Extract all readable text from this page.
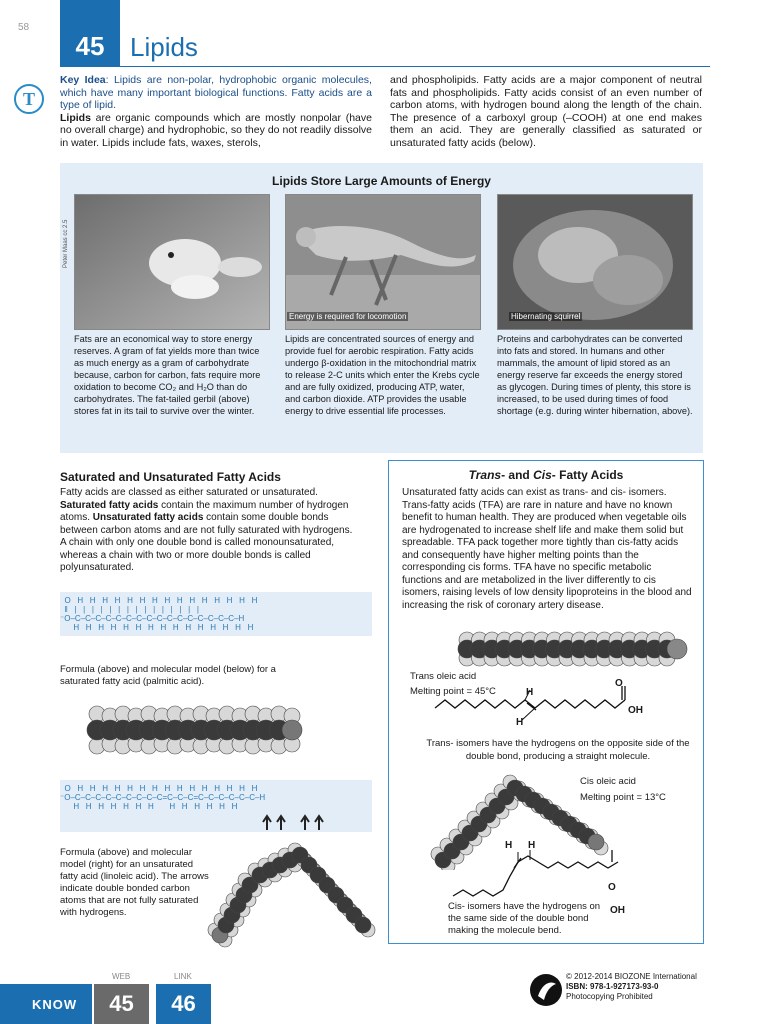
58
45 Lipids
T
Key Idea: Lipids are non-polar, hydrophobic organic molecules, which have many important biological functions. Fatty acids are a type of lipid.
Lipids are organic compounds which are mostly nonpolar (have no overall charge) and hydrophobic, so they do not readily dissolve in water. Lipids include fats, waxes, sterols,
and phospholipids. Fatty acids are a major component of neutral fats and phospholipids. Fatty acids consist of an even number of carbon atoms, with hydrogen bound along the length of the chain. The presence of a carboxyl group (–COOH) at one end makes them an acid. They are generally classified as saturated or unsaturated fatty acids (below).
Lipids Store Large Amounts of Energy
Peter Maas cc 2.5
Energy is required for locomotion	Hibernating squirrel
Fats are an economical way to store energy reserves. A gram of fat yields more than twice as much energy as a gram of carbohydrate because, carbon for carbon, fats require more oxidation to become CO₂ and H₂O than do carbohydrates. The fat-tailed gerbil (above) stores fat in its tail to survive over the winter.
Lipids are concentrated sources of energy and provide fuel for aerobic respiration. Fatty acids undergo β-oxidation in the mitochondrial matrix to release 2-C units which enter the Krebs cycle and are fully oxidized, producing ATP, water, and carbon dioxide. ATP provides the usable energy to drive essential life processes.
Proteins and carbohydrates can be converted into fats and stored. In humans and other mammals, the amount of lipid stored as an energy reserve far exceeds the energy stored as glycogen. During times of plenty, this store is increased, to be used during times of food shortage (e.g. during winter hibernation, above).
Saturated and Unsaturated Fatty Acids
Fatty acids are classed as either saturated or unsaturated. Saturated fatty acids contain the maximum number of hydrogen atoms. Unsaturated fatty acids contain some double bonds between carbon atoms and are not fully saturated with hydrogens. A chain with only one double bond is called monounsaturated, whereas a chain with two or more double bonds is called polyunsaturated.
O   H   H   H   H   H   H   H   H   H   H   H   H   H   H   H
‖   |   |   |   |   |   |   |   |   |   |   |   |   |   |   |
⁻O–C–C–C–C–C–C–C–C–C–C–C–C–C–C–C–C–H
H   H   H   H   H   H   H   H   H   H   H   H   H   H   H
Formula (above) and molecular model (below) for a saturated fatty acid (palmitic acid).
O   H   H   H   H   H   H   H   H   H   H   H   H   H   H   H
⁻O–C–C–C–C–C–C–C–C–C=C–C–C=C–C–C–C–C–C–H
H   H   H   H   H   H   H       H   H   H   H   H   H
Formula (above) and molecular model (right) for an unsaturated fatty acid (linoleic acid). The arrows indicate double bonded carbon atoms that are not fully saturated with hydrogens.
Trans- and Cis- Fatty Acids
Unsaturated fatty acids can exist as trans- and cis- isomers. Trans-fatty acids (TFA) are rare in nature and have no known benefit to human health. They are produced when vegetable oils are hydrogenated to increase shelf life and make them solid but spreadable. TFA pack together more tightly than cis-fatty acids and consequently have higher melting points than the corresponding cis forms. TFA have no specific metabolic functions and are metabolized in the liver differently to cis isomers, raising levels of low density lipoproteins in the blood and increasing the risk of coronary artery disease.
Trans oleic acid
Melting point = 45°C
O
OH
H
H
Trans- isomers have the hydrogens on the opposite side of the double bond, producing a straight molecule.
Cis oleic acid
Melting point = 13°C
H H
O
OH
Cis- isomers have the hydrogens on the same side of the double bond making the molecule bend.
KNOW
WEB
45
LINK
46
© 2012-2014 BIOZONE International
ISBN: 978-1-927173-93-0
Photocopying Prohibited
